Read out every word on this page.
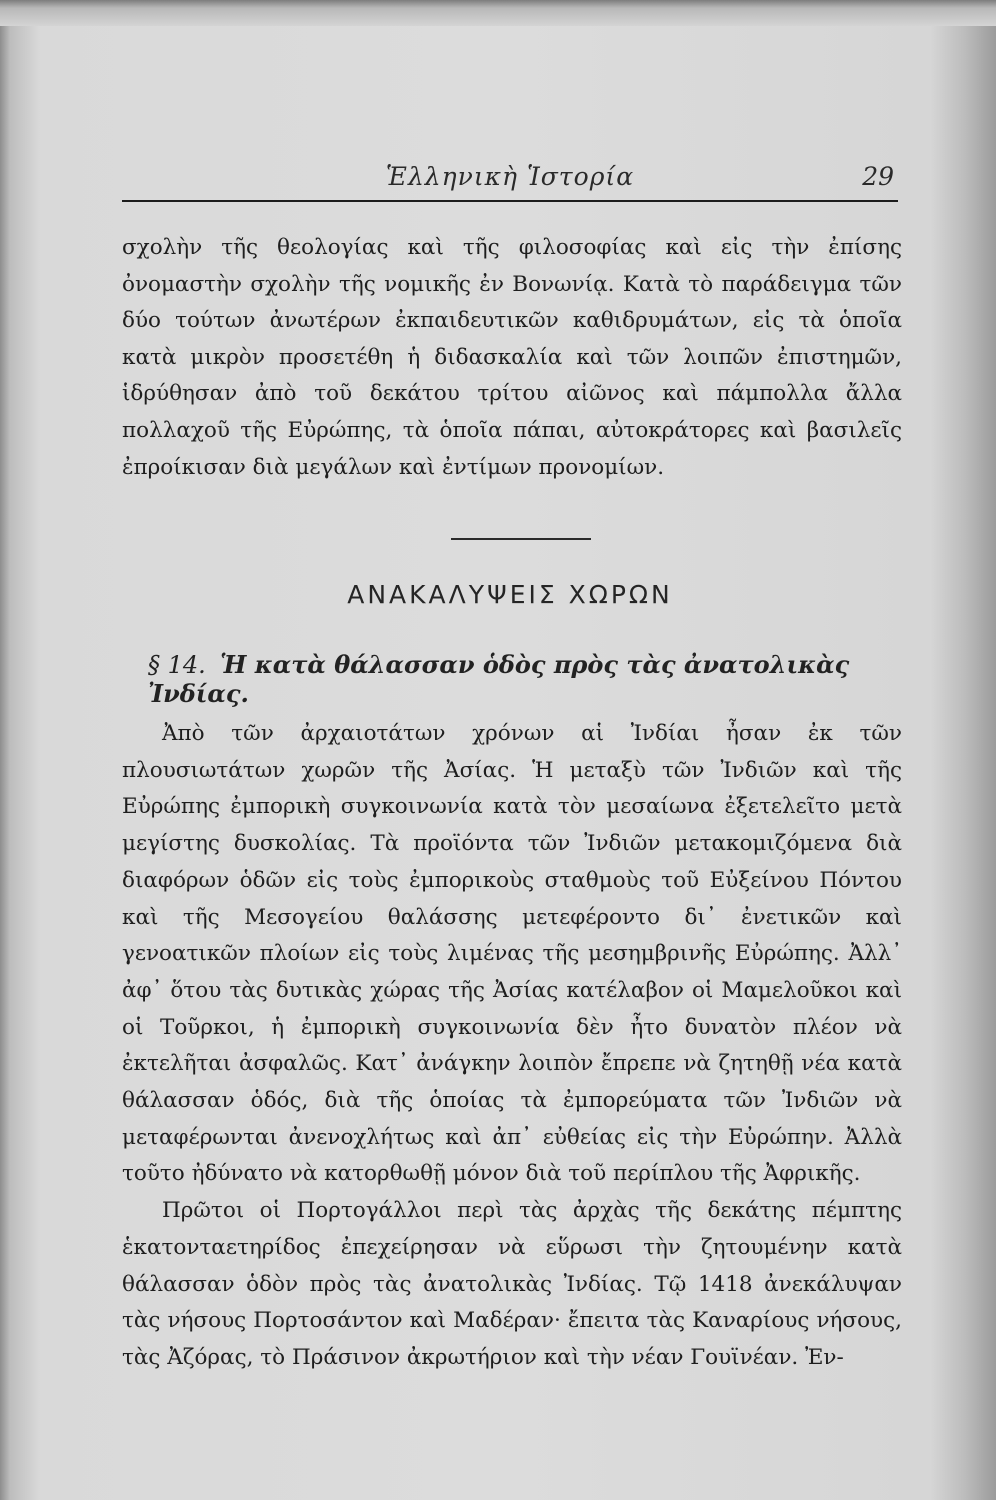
Ἑλληνικὴ Ἱστορία	29

σχολὴν τῆς θεολογίας καὶ τῆς φιλοσοφίας καὶ εἰς τὴν ἐπίσης ὀνομαστὴν σχολὴν τῆς νομικῆς ἐν Βονωνίᾳ. Κατὰ τὸ παράδειγμα τῶν δύο τούτων ἀνωτέρων ἐκπαιδευτικῶν καθιδρυμάτων, εἰς τὰ ὁποῖα κατὰ μικρὸν προσετέθη ἡ διδασκαλία καὶ τῶν λοιπῶν ἐπιστημῶν, ἱδρύθησαν ἀπὸ τοῦ δεκάτου τρίτου αἰῶνος καὶ πάμπολλα ἄλλα πολλαχοῦ τῆς Εὐρώπης, τὰ ὁποῖα πάπαι, αὐτοκράτορες καὶ βασιλεῖς ἐπροίκισαν διὰ μεγάλων καὶ ἐντίμων προνομίων.

ΑΝΑΚΑΛΥΨΕΙΣ ΧΩΡΩΝ
§ 14. Ἡ κατὰ θάλασσαν ὁδὸς πρὸς τὰς ἀνατολικὰς Ἰνδίας.

Ἀπὸ τῶν ἀρχαιοτάτων χρόνων αἱ Ἰνδίαι ἦσαν ἐκ τῶν πλουσιωτάτων χωρῶν τῆς Ἀσίας. Ἡ μεταξὺ τῶν Ἰνδιῶν καὶ τῆς Εὐρώπης ἐμπορικὴ συγκοινωνία κατὰ τὸν μεσαίωνα ἐξετελεῖτο μετὰ μεγίστης δυσκολίας. Τὰ προϊόντα τῶν Ἰνδιῶν μετακομιζόμενα διὰ διαφόρων ὁδῶν εἰς τοὺς ἐμπορικοὺς σταθμοὺς τοῦ Εὐξείνου Πόντου καὶ τῆς Μεσογείου θαλάσσης μετεφέροντο δι᾽ ἐνετικῶν καὶ γενοατικῶν πλοίων εἰς τοὺς λιμένας τῆς μεσημβρινῆς Εὐρώπης. Ἀλλ᾽ ἀφ᾽ ὅτου τὰς δυτικὰς χώρας τῆς Ἀσίας κατέλαβον οἱ Μαμελοῦκοι καὶ οἱ Τοῦρκοι, ἡ ἐμπορικὴ συγκοινωνία δὲν ἦτο δυνατὸν πλέον νὰ ἐκτελῆται ἀσφαλῶς. Κατ᾽ ἀνάγκην λοιπὸν ἔπρεπε νὰ ζητηθῇ νέα κατὰ θάλασσαν ὁδός, διὰ τῆς ὁποίας τὰ ἐμπορεύματα τῶν Ἰνδιῶν νὰ μεταφέρωνται ἀνενοχλήτως καὶ ἀπ᾽ εὐθείας εἰς τὴν Εὐρώπην. Ἀλλὰ τοῦτο ἠδύνατο νὰ κατορθωθῇ μόνον διὰ τοῦ περίπλου τῆς Ἀφρικῆς.

Πρῶτοι οἱ Πορτογάλλοι περὶ τὰς ἀρχὰς τῆς δεκάτης πέμπτης ἑκατονταετηρίδος ἐπεχείρησαν νὰ εὕρωσι τὴν ζητουμένην κατὰ θάλασσαν ὁδὸν πρὸς τὰς ἀνατολικὰς Ἰνδίας. Τῷ 1418 ἀνεκάλυψαν τὰς νήσους Πορτοσάντον καὶ Μαδέραν· ἔπειτα τὰς Καναρίους νήσους, τὰς Ἀζόρας, τὸ Πράσινον ἀκρωτήριον καὶ τὴν νέαν Γουϊνέαν. Ἐν-
